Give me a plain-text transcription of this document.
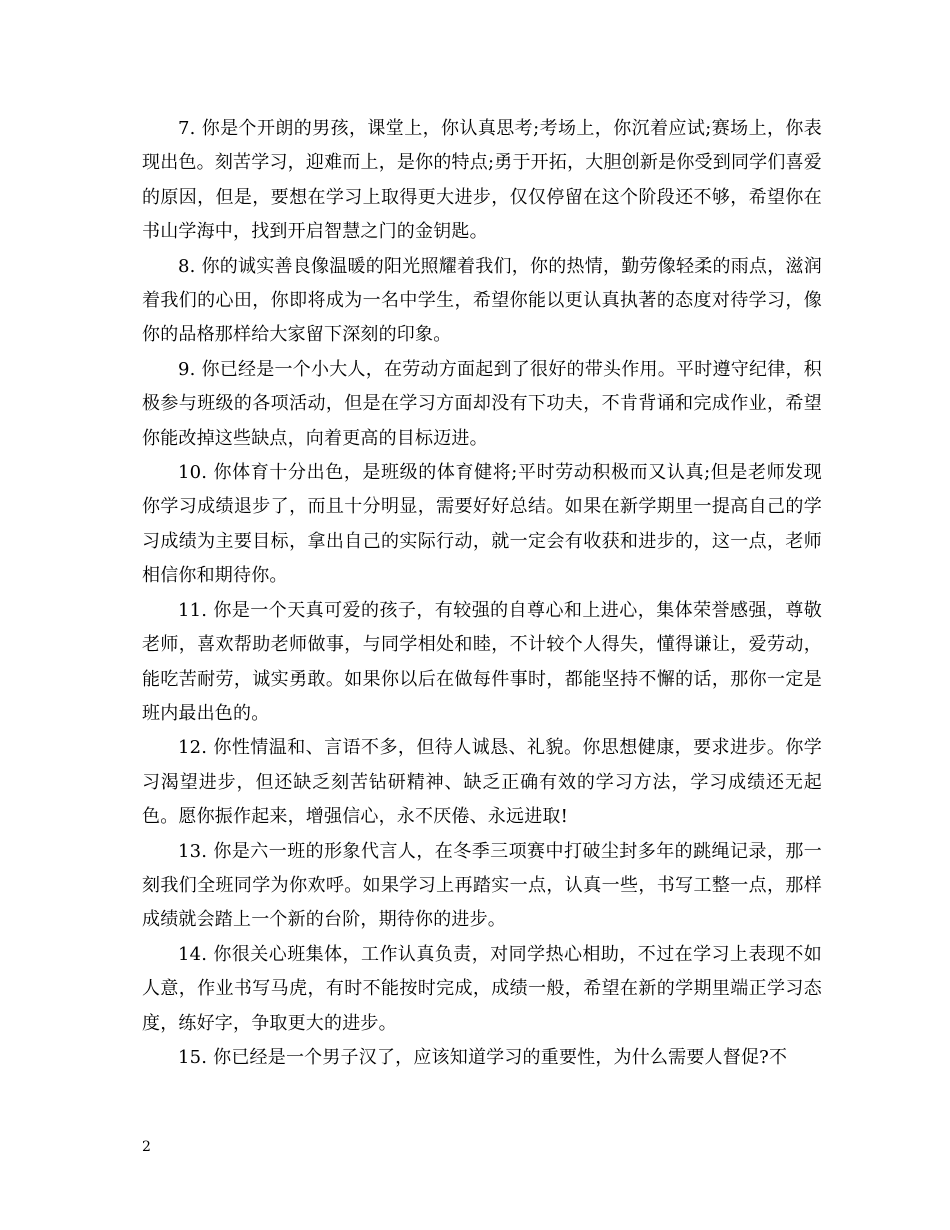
7. 你是个开朗的男孩，课堂上，你认真思考;考场上，你沉着应试;赛场上，你表现出色。刻苦学习，迎难而上，是你的特点;勇于开拓，大胆创新是你受到同学们喜爱的原因，但是，要想在学习上取得更大进步，仅仅停留在这个阶段还不够，希望你在书山学海中，找到开启智慧之门的金钥匙。

8. 你的诚实善良像温暖的阳光照耀着我们，你的热情，勤劳像轻柔的雨点，滋润着我们的心田，你即将成为一名中学生，希望你能以更认真执著的态度对待学习，像你的品格那样给大家留下深刻的印象。

9. 你已经是一个小大人，在劳动方面起到了很好的带头作用。平时遵守纪律，积极参与班级的各项活动，但是在学习方面却没有下功夫，不肯背诵和完成作业，希望你能改掉这些缺点，向着更高的目标迈进。

10. 你体育十分出色，是班级的体育健将;平时劳动积极而又认真;但是老师发现你学习成绩退步了，而且十分明显，需要好好总结。如果在新学期里一提高自己的学习成绩为主要目标，拿出自己的实际行动，就一定会有收获和进步的，这一点，老师相信你和期待你。

11. 你是一个天真可爱的孩子，有较强的自尊心和上进心，集体荣誉感强，尊敬老师，喜欢帮助老师做事，与同学相处和睦，不计较个人得失，懂得谦让，爱劳动，能吃苦耐劳，诚实勇敢。如果你以后在做每件事时，都能坚持不懈的话，那你一定是班内最出色的。

12. 你性情温和、言语不多，但待人诚恳、礼貌。你思想健康，要求进步。你学习渴望进步，但还缺乏刻苦钻研精神、缺乏正确有效的学习方法，学习成绩还无起色。愿你振作起来，增强信心，永不厌倦、永远进取!

13. 你是六一班的形象代言人，在冬季三项赛中打破尘封多年的跳绳记录，那一刻我们全班同学为你欢呼。如果学习上再踏实一点，认真一些，书写工整一点，那样成绩就会踏上一个新的台阶，期待你的进步。

14. 你很关心班集体，工作认真负责，对同学热心相助，不过在学习上表现不如人意，作业书写马虎，有时不能按时完成，成绩一般，希望在新的学期里端正学习态度，练好字，争取更大的进步。

15. 你已经是一个男子汉了，应该知道学习的重要性，为什么需要人督促?不

2
